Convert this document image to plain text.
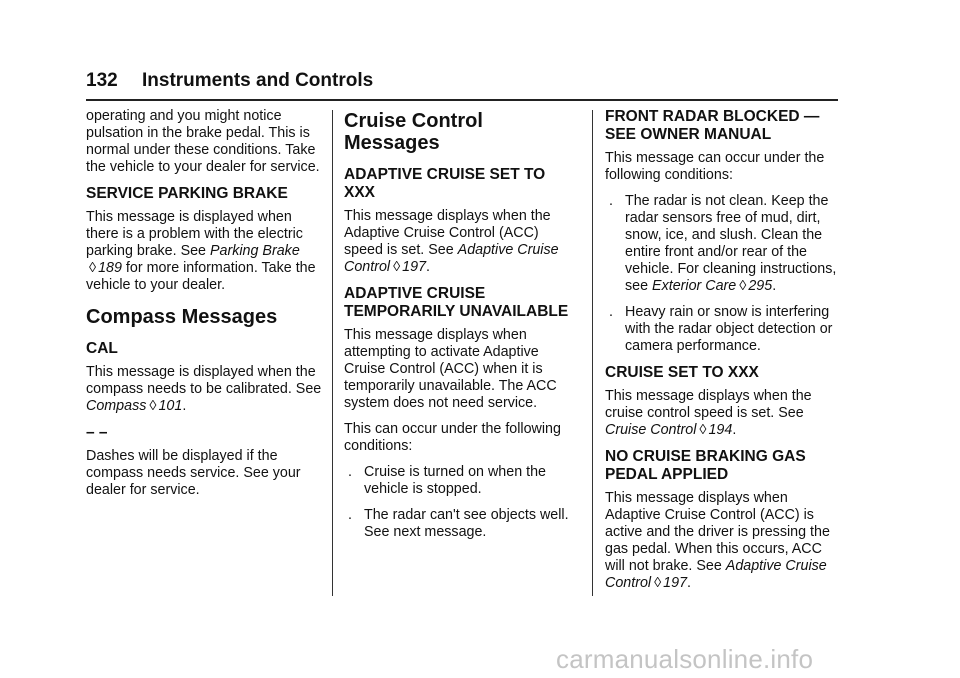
132 Instruments and Controls

operating and you might notice pulsation in the brake pedal. This is normal under these conditions. Take the vehicle to your dealer for service.

SERVICE PARKING BRAKE

This message is displayed when there is a problem with the electric parking brake. See Parking Brake
◊ 189 for more information. Take the vehicle to your dealer.

Compass Messages
CAL

This message is displayed when the compass needs to be calibrated. See Compass ◊ 101.

– –

Dashes will be displayed if the compass needs service. See your dealer for service.

Cruise Control Messages
ADAPTIVE CRUISE SET TO XXX

This message displays when the Adaptive Cruise Control (ACC) speed is set. See Adaptive Cruise Control ◊ 197.

ADAPTIVE CRUISE TEMPORARILY UNAVAILABLE

This message displays when attempting to activate Adaptive Cruise Control (ACC) when it is temporarily unavailable. The ACC system does not need service.

This can occur under the following conditions:

. Cruise is turned on when the vehicle is stopped.
. The radar can't see objects well. See next message.
FRONT RADAR BLOCKED — SEE OWNER MANUAL

This message can occur under the following conditions:

. The radar is not clean. Keep the radar sensors free of mud, dirt, snow, ice, and slush. Clean the entire front and/or rear of the vehicle. For cleaning instructions, see Exterior Care ◊ 295.
. Heavy rain or snow is interfering with the radar object detection or camera performance.
CRUISE SET TO XXX

This message displays when the cruise control speed is set. See Cruise Control ◊ 194.

NO CRUISE BRAKING GAS PEDAL APPLIED

This message displays when Adaptive Cruise Control (ACC) is active and the driver is pressing the gas pedal. When this occurs, ACC will not brake. See Adaptive Cruise Control ◊ 197.

carmanualsonline.info
